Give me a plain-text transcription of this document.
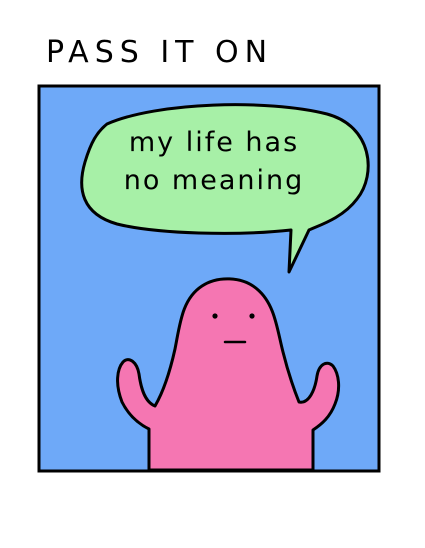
PASS IT ON
my life has
no meaning
